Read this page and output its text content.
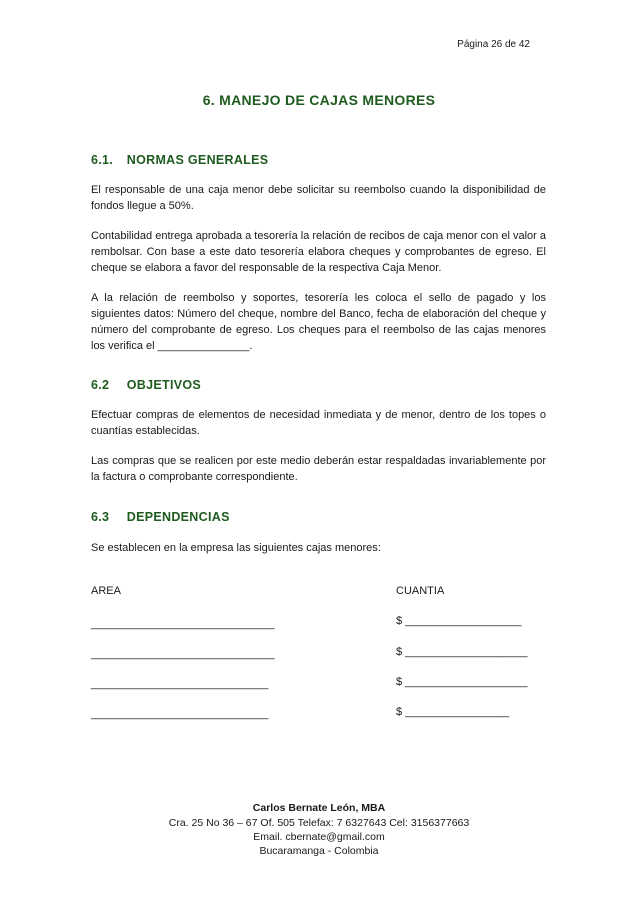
Página 26 de 42
6. MANEJO DE CAJAS MENORES
6.1. NORMAS GENERALES

El responsable de una caja menor debe solicitar su reembolso cuando la disponibilidad de fondos llegue a 50%.

Contabilidad entrega aprobada a tesorería la relación de recibos de caja menor con el valor a rembolsar. Con base a este dato tesorería elabora cheques y comprobantes de egreso. El cheque se elabora a favor del responsable de la respectiva Caja Menor.

A la relación de reembolso y soportes, tesorería les coloca el sello de pagado y los siguientes datos: Número del cheque, nombre del Banco, fecha de elaboración del cheque y número del comprobante de egreso. Los cheques para el reembolso de las cajas menores los verifica el _______________.

6.2 OBJETIVOS

Efectuar compras de elementos de necesidad inmediata y de menor, dentro de los topes o cuantías establecidas.

Las compras que se realicen por este medio deberán estar respaldadas invariablemente por la factura o comprobante correspondiente.

6.3 DEPENDENCIAS

Se establecen en la empresa las siguientes cajas menores:

AREA	CUANTIA
______________________________	$ ___________________
______________________________	$ ____________________
_____________________________	$ ____________________
_____________________________	$ _________________
Carlos Bernate León, MBA
Cra. 25 No 36 – 67 Of. 505 Telefax: 7 6327643 Cel: 3156377663
Email. cbernate@gmail.com
Bucaramanga - Colombia
